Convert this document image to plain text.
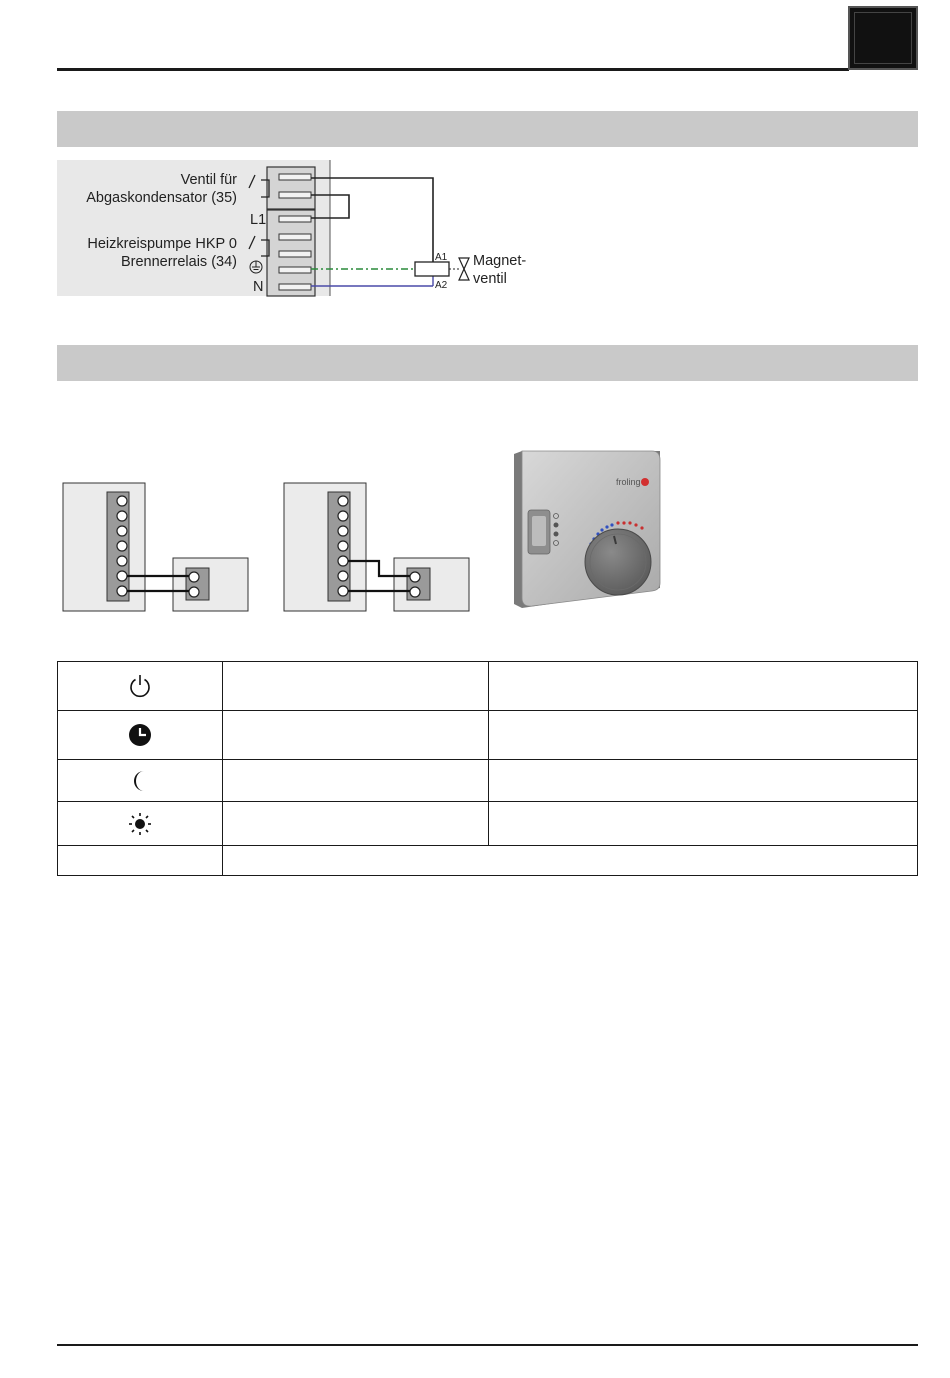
Ventil für
Abgaskondensator (35)
L1
Heizkreispumpe HKP 0
Brennerrelais (34)
N
A1
A2
Magnet-
ventil
froling
